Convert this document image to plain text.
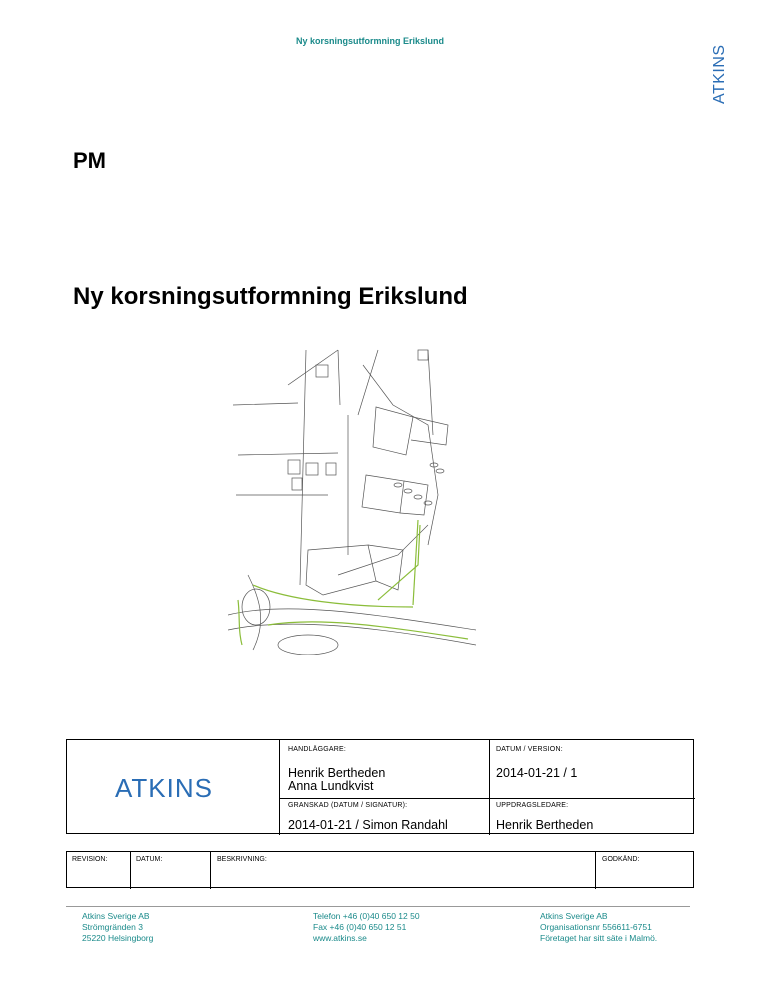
Ny korsningsutformning Erikslund
ATKINS
PM
Ny korsningsutformning Erikslund
ATKINS
HANDLÄGGARE:
Henrik Bertheden
Anna Lundkvist
DATUM / VERSION:
2014-01-21 / 1
GRANSKAD (DATUM / SIGNATUR):
2014-01-21 / Simon Randahl
UPPDRAGSLEDARE:
Henrik Bertheden
REVISION:	DATUM:	BESKRIVNING:	GODKÄND:
Atkins Sverige AB
Strömgränden 3
25220 Helsingborg
Telefon +46 (0)40 650 12 50
Fax +46 (0)40 650 12 51
www.atkins.se
Atkins Sverige AB
Organisationsnr 556611-6751
Företaget har sitt säte i Malmö.
